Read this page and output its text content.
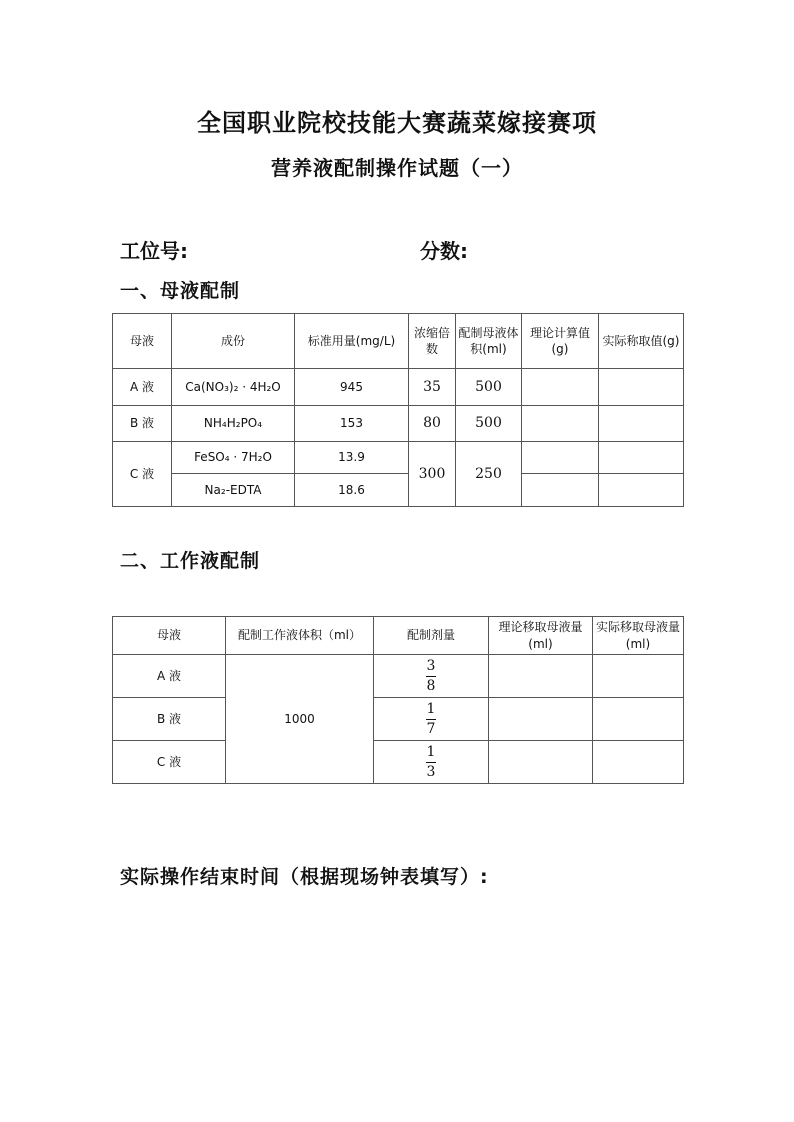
全国职业院校技能大赛蔬菜嫁接赛项
营养液配制操作试题（一）
工位号:	分数:
一、母液配制
母液	成份	标准用量(mg/L)	浓缩倍数	配制母液体积(ml)	理论计算值(g)	实际称取值(g)
A 液	Ca(NO₃)₂ · 4H₂O	945	35	500		
B 液	NH₄H₂PO₄	153	80	500		
C 液	FeSO₄ · 7H₂O	13.9	300	250		
	Na₂-EDTA	18.6				
二、工作液配制
母液	配制工作液体积（ml）	配制剂量	理论移取母液量(ml)	实际移取母液量(ml)
A 液	1000	$\frac{3}{8}$

B 液		$\frac{1}{7}$

C 液		$\frac{1}{3}$

实际操作结束时间（根据现场钟表填写）:
